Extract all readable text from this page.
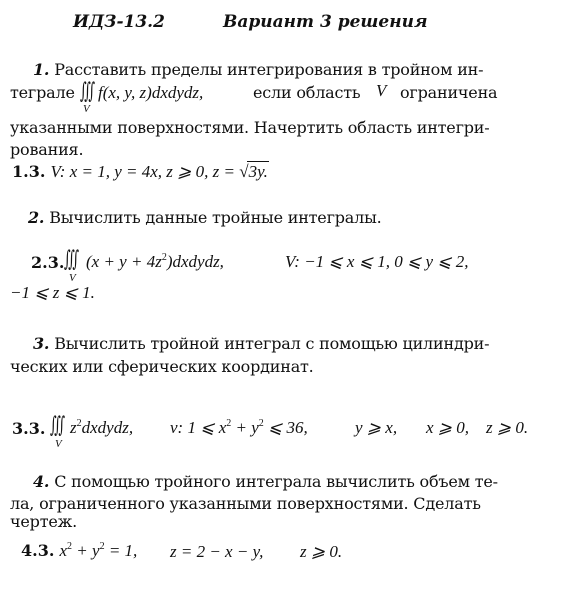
ИДЗ-13.2	Вариант 3 решения
1. Расставить пределы интегрирования в тройном ин-
теграле ∭
V
f(x, y, z)dxdydz,	если область V ограничена
указанными поверхностями. Начертить область интегри-
рования.
1.3. V: x = 1, y = 4x, z ⩾ 0, z = √
3y.
2. Вычислить данные тройные интегралы.
2.3. ∭
V
$(x + y + 4z^2)dxdydz$,	V: −1 ⩽ x ⩽ 1, 0 ⩽ y ⩽ 2,
−1 ⩽ z ⩽ 1.
3. Вычислить тройной интеграл с помощью цилиндри-
ческих или сферических координат.
3.3. ∭
V
$z^2dxdydz$, v: 1 ⩽ $x^2 + y^2$ ⩽ 36,	y ⩾ x, x ⩾ 0, z ⩾ 0.
4. С помощью тройного интеграла вычислить объем те-
ла, ограниченного указанными поверхностями. Сделать
чертеж.
4.3. $x^2 + y^2 = 1$, z = 2 − x − y, z ⩾ 0.
